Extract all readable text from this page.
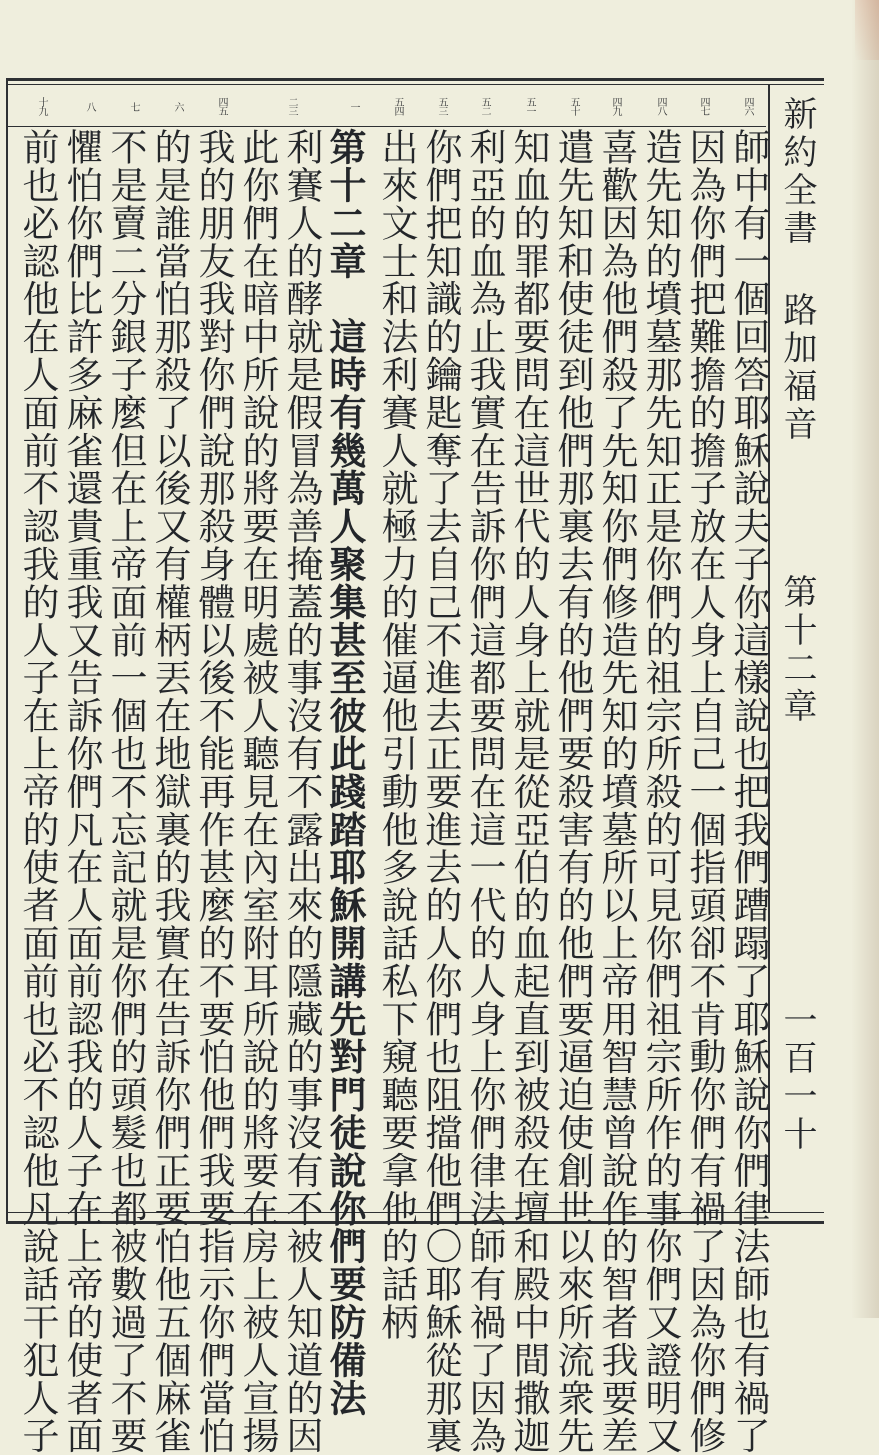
新約全書 路加福音
第十二章
一百一十
四六
四七
四八
四九
五十
五一
五二
五三
五四
一
二三
四五
六
七
八
十九
師中有一個回答耶穌說夫子你這樣說也把我們蹧蹋了耶穌說你們律法師也有禍了
因為你們把難擔的擔子放在人身上自己一個指頭卻不肯動你們有禍了因為你們修
造先知的墳墓那先知正是你們的祖宗所殺的可見你們祖宗所作的事你們又證明又
喜歡因為他們殺了先知你們修造先知的墳墓所以上帝用智慧曾說作的智者我要差
遣先知和使徒到他們那裏去有的他們要殺害有的他們要逼迫使創世以來所流衆先
知血的罪都要問在這世代的人身上就是從亞伯的血起直到被殺在壇和殿中間撒迦
利亞的血為止我實在告訴你們這都要問在這一代的人身上你們律法師有禍了因為
你們把知識的鑰匙奪了去自己不進去正要進去的人你們也阻擋他們〇耶穌從那裏
出來文士和法利賽人就極力的催逼他引動他多說話私下窺聽要拿他的話柄
第十二章　這時有幾萬人聚集甚至彼此踐踏耶穌開講先對門徒說你們要防備法
利賽人的酵就是假冒為善掩蓋的事沒有不露出來的隱藏的事沒有不被人知道的因
此你們在暗中所說的將要在明處被人聽見在內室附耳所說的將要在房上被人宣揚
我的朋友我對你們說那殺身體以後不能再作甚麼的不要怕他們我要指示你們當怕
的是誰當怕那殺了以後又有權柄丟在地獄裏的我實在告訴你們正要怕他五個麻雀
不是賣二分銀子麼但在上帝面前一個也不忘記就是你們的頭髮也都被數過了不要
懼怕你們比許多麻雀還貴重我又告訴你們凡在人面前認我的人子在上帝的使者面
前也必認他在人面前不認我的人子在上帝的使者面前也必不認他凡說話干犯人子
